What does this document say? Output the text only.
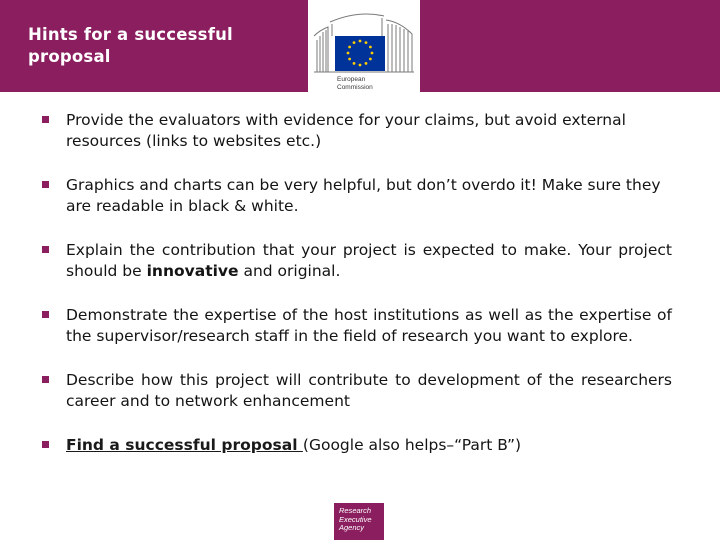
Hints for a successful
proposal
European
Commission
Provide the evaluators with evidence for your claims, but avoid external resources (links to websites etc.)
Graphics and charts can be very helpful, but don’t overdo it! Make sure they are readable in black & white.
Explain the contribution that your project is expected to make. Your project should be innovative and original.
Demonstrate the expertise of the host institutions as well as the expertise of the supervisor/research staff in the field of research you want to explore.
Describe how this project will contribute to development of the researchers career and to network enhancement
Find a successful proposal (Google also helps–“Part B”)
Research
Executive
Agency
